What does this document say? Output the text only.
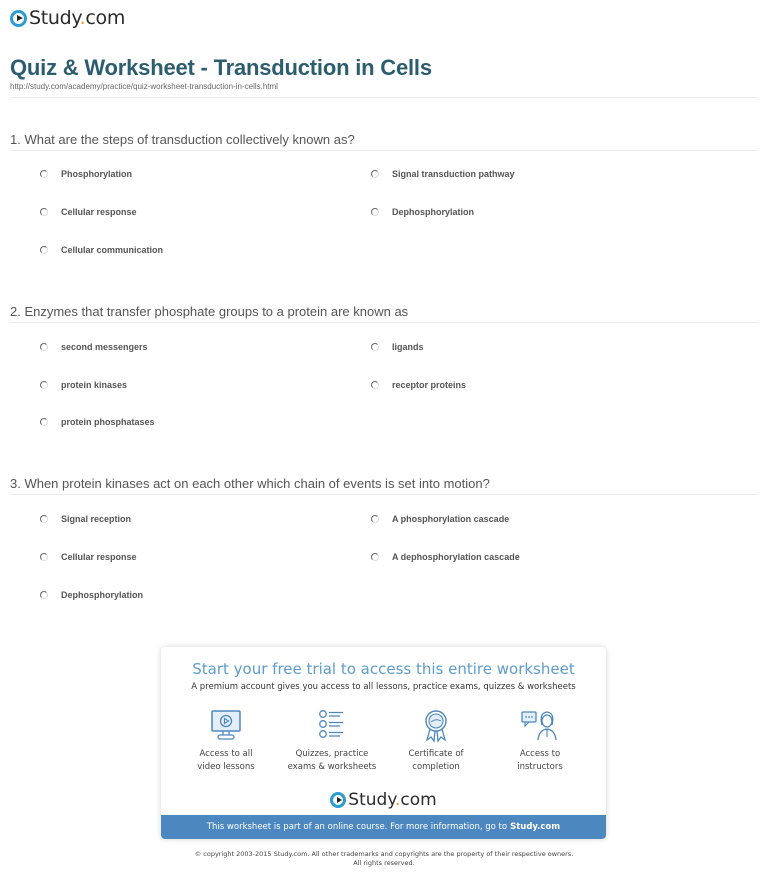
Study.com
Quiz & Worksheet - Transduction in Cells
http://study.com/academy/practice/quiz-worksheet-transduction-in-cells.html
1. What are the steps of transduction collectively known as?
Phosphorylation	Signal transduction pathway
Cellular response	Dephosphorylation
Cellular communication
2. Enzymes that transfer phosphate groups to a protein are known as
second messengers	ligands
protein kinases	receptor proteins
protein phosphatases
3. When protein kinases act on each other which chain of events is set into motion?
Signal reception	A phosphorylation cascade
Cellular response	A dephosphorylation cascade
Dephosphorylation
Start your free trial to access this entire worksheet
A premium account gives you access to all lessons, practice exams, quizzes & worksheets
Access to all
video lessons
Quizzes, practice
exams & worksheets
Certificate of
completion
Access to
instructors
Study.com
This worksheet is part of an online course. For more information, go to Study.com
© copyright 2003-2015 Study.com. All other trademarks and copyrights are the property of their respective owners.
All rights reserved.
